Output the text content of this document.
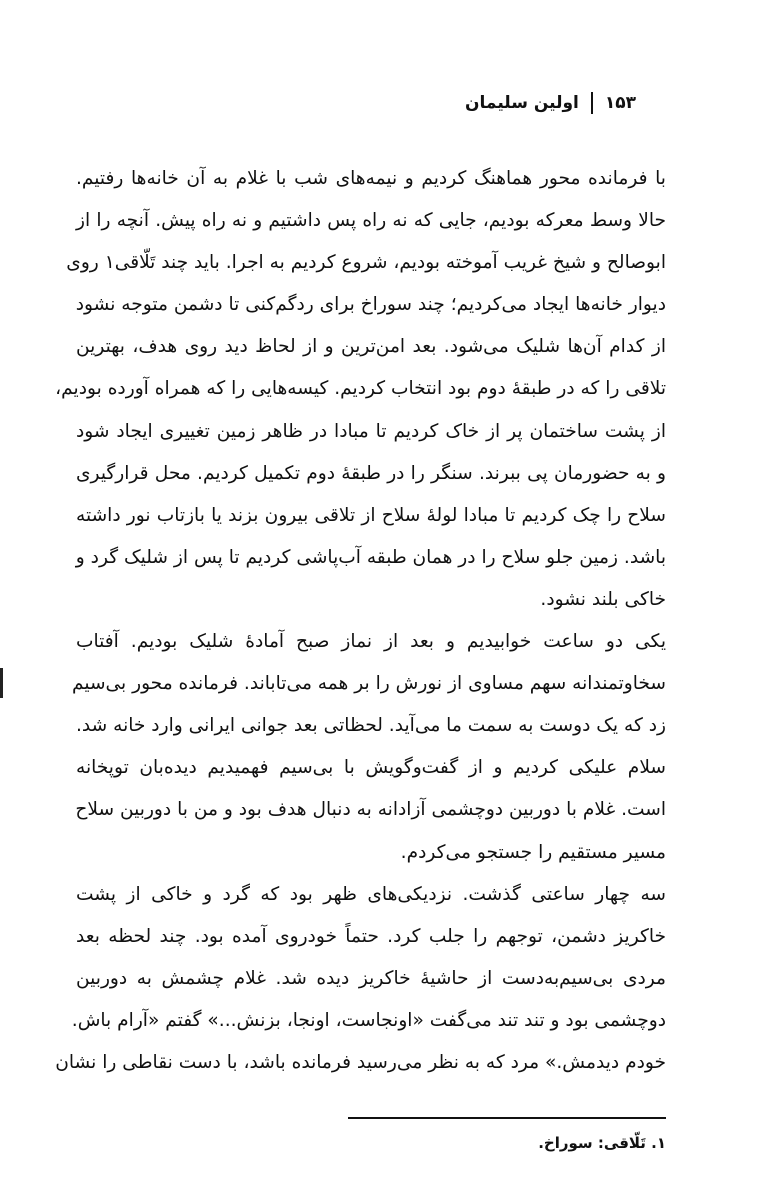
۱۵۳
اولین سلیمان
با فرمانده محور هماهنگ کردیم و نیمه‌های شب با غلام به آن خانه‌ها رفتیم.
حالا وسط معرکه بودیم، جایی که نه راه پس داشتیم و نه راه پیش. آنچه را از
ابوصالح و شیخ غریب آموخته بودیم، شروع کردیم به اجرا. باید چند تَلّاقی۱ روی
دیوار خانه‌ها ایجاد می‌کردیم؛ چند سوراخ برای ردگم‌کنی تا دشمن متوجه نشود
از کدام آن‌ها شلیک می‌شود. بعد امن‌ترین و از لحاظ دید روی هدف، بهترین
تلاقی را که در طبقهٔ دوم بود انتخاب کردیم. کیسه‌هایی را که همراه آورده بودیم،
از پشت ساختمان پر از خاک کردیم تا مبادا در ظاهر زمین تغییری ایجاد شود
و به حضورمان پی ببرند. سنگر را در طبقهٔ دوم تکمیل کردیم. محل قرارگیری
سلاح را چک کردیم تا مبادا لولهٔ سلاح از تلاقی بیرون بزند یا بازتاب نور داشته
باشد. زمین جلو سلاح را در همان طبقه آب‌پاشی کردیم تا پس از شلیک گرد و
خاکی بلند نشود.
یکی دو ساعت خوابیدیم و بعد از نماز صبح آمادهٔ شلیک بودیم. آفتاب
سخاوتمندانه سهم مساوی از نورش را بر همه می‌تاباند. فرمانده محور بی‌سیم
زد که یک دوست به سمت ما می‌آید. لحظاتی بعد جوانی ایرانی وارد خانه شد.
سلام علیکی کردیم و از گفت‌وگویش با بی‌سیم فهمیدیم دیده‌بان توپخانه
است. غلام با دوربین دوچشمی آزادانه به دنبال هدف بود و من با دوربین سلاح
مسیر مستقیم را جستجو می‌کردم.
سه چهار ساعتی گذشت. نزدیکی‌های ظهر بود که گرد و خاکی از پشت
خاکریز دشمن، توجهم را جلب کرد. حتماً خودروی آمده بود. چند لحظه بعد
مردی بی‌سیم‌به‌دست از حاشیهٔ خاکریز دیده شد. غلام چشمش به دوربین
دوچشمی بود و تند تند می‌گفت «اونجاست، اونجا، بزنش...» گفتم «آرام باش.
خودم دیدمش.» مرد که به نظر می‌رسید فرمانده باشد، با دست نقاطی را نشان
۱. تَلّاقی: سوراخ.
